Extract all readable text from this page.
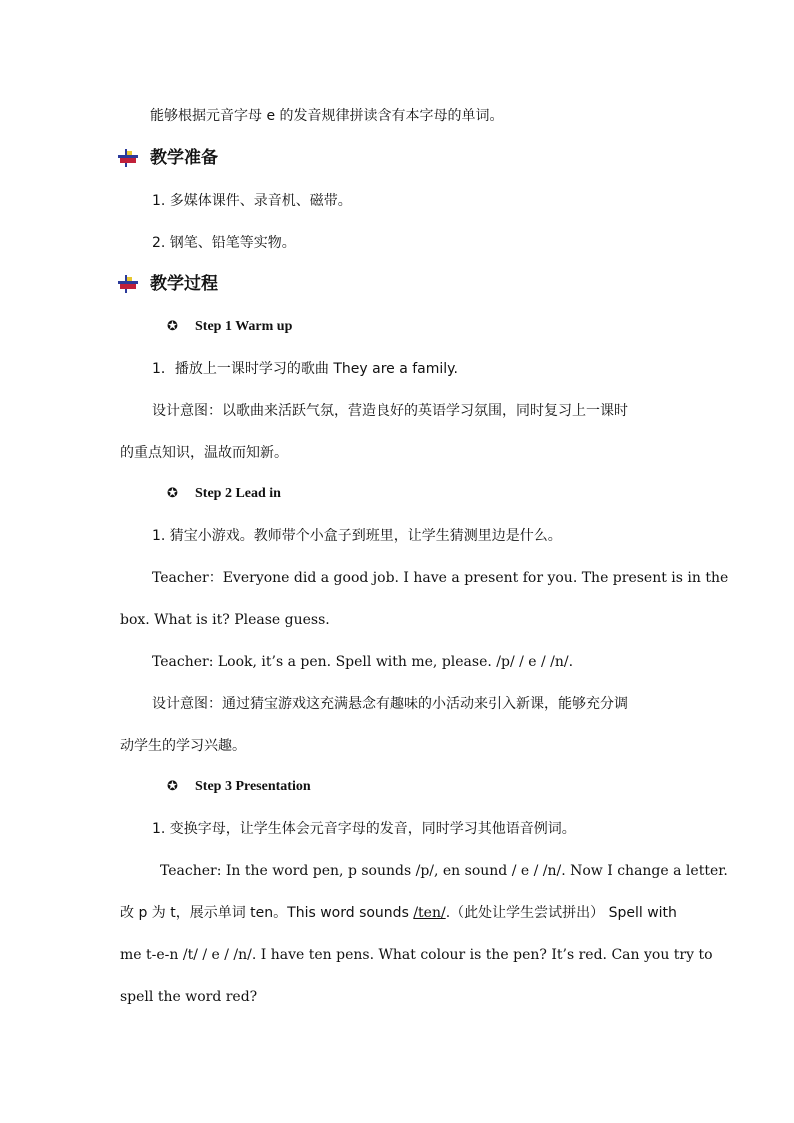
能够根据元音字母 e 的发音规律拼读含有本字母的单词。
教学准备
1. 多媒体课件、录音机、磁带。
2. 钢笔、铅笔等实物。
教学过程
✪ Step 1 Warm up
1．播放上一课时学习的歌曲 They are a family.
设计意图：以歌曲来活跃气氛，营造良好的英语学习氛围，同时复习上一课时
的重点知识，温故而知新。
✪ Step 2 Lead in
1. 猜宝小游戏。教师带个小盒子到班里，让学生猜测里边是什么。
Teacher：Everyone did a good job. I have a present for you. The present is in the
box. What is it? Please guess.
Teacher: Look, it’s a pen. Spell with me, please. /p/ / e / /n/.
设计意图：通过猜宝游戏这充满悬念有趣味的小活动来引入新课，能够充分调
动学生的学习兴趣。
✪ Step 3 Presentation
1. 变换字母，让学生体会元音字母的发音，同时学习其他语音例词。
Teacher: In the word pen, p sounds /p/, en sound / e / /n/. Now I change a letter.
改 p 为 t，展示单词 ten。This word sounds /ten/.（此处让学生尝试拼出） Spell with
me t-e-n /t/ / e / /n/. I have ten pens. What colour is the pen? It’s red. Can you try to
spell the word red?
